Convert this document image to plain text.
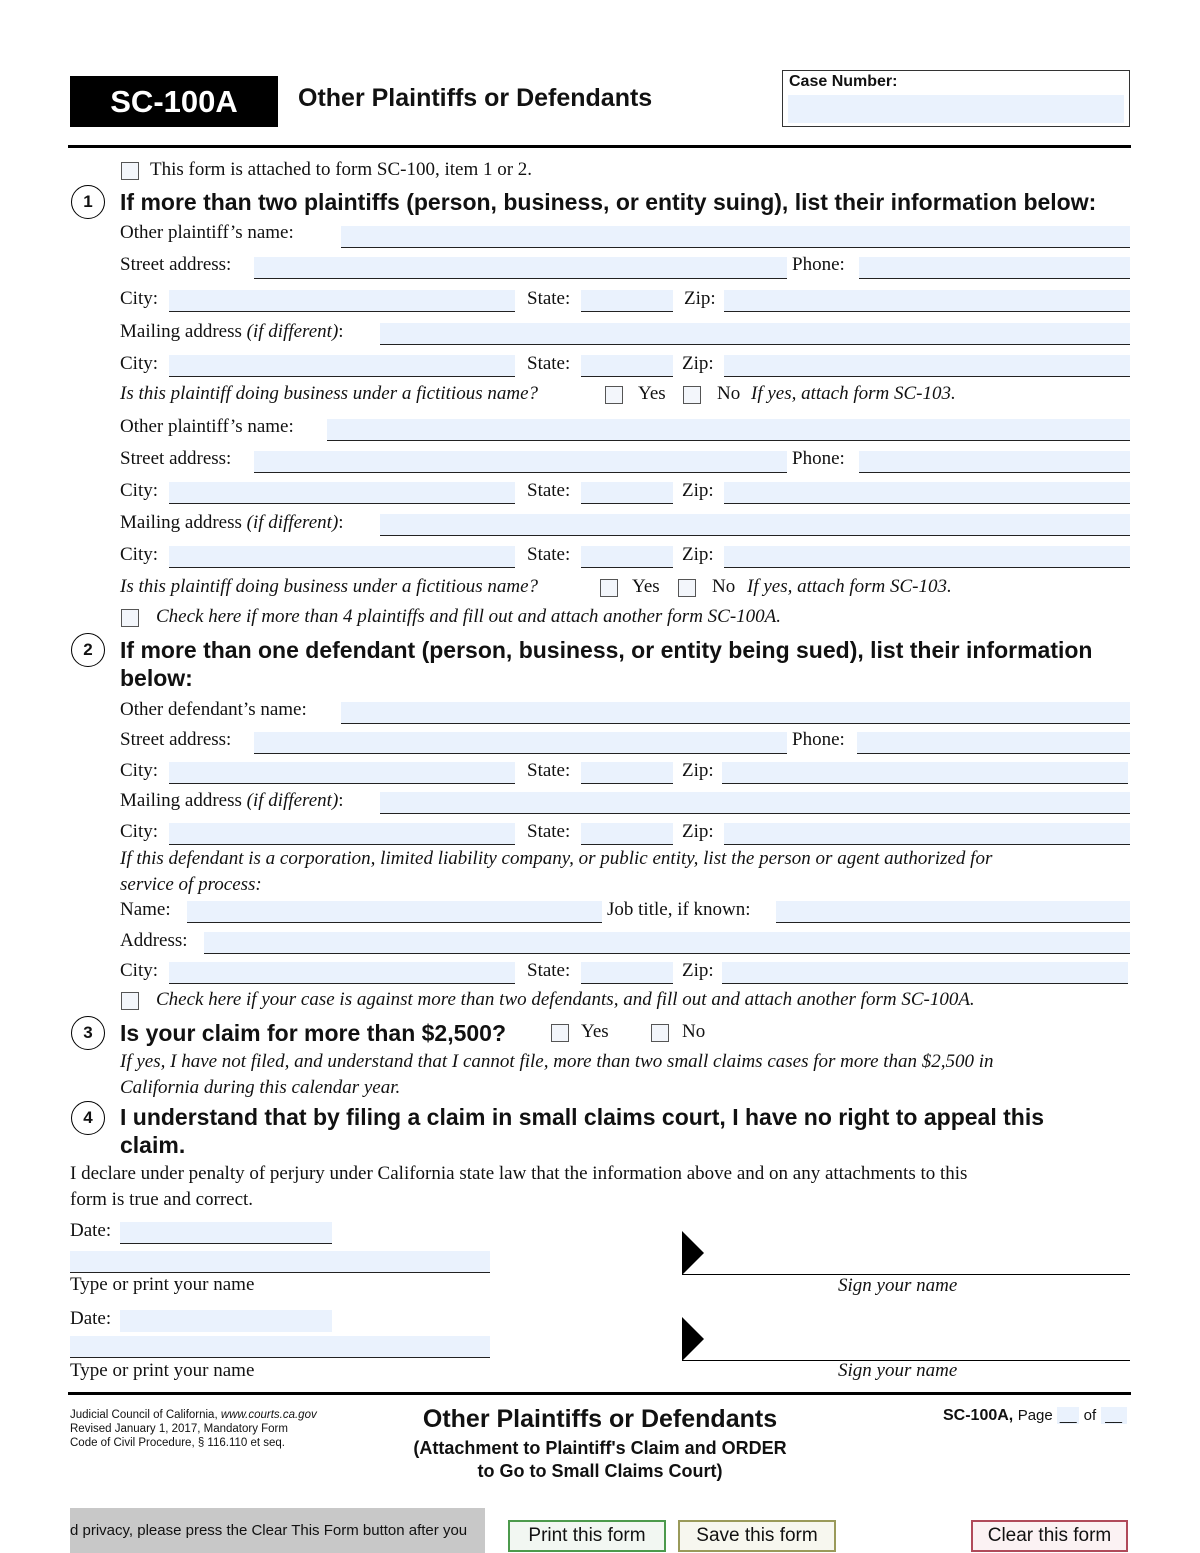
SC-100A	Other Plaintiffs or Defendants
Case Number:
This form is attached to form SC-100, item 1 or 2.
1	If more than two plaintiffs (person, business, or entity suing), list their information below:
Other plaintiff’s name:
Street address:	Phone:
City:	State:	Zip:
Mailing address (if different):
City:	State:	Zip:
Is this plaintiff doing business under a fictitious name?	Yes	No If yes, attach form SC-103.
Other plaintiff’s name:
Street address:	Phone:
City:	State:	Zip:
Mailing address (if different):
City:	State:	Zip:
Is this plaintiff doing business under a fictitious name?	Yes	No If yes, attach form SC-103.
Check here if more than 4 plaintiffs and fill out and attach another form SC-100A.
2	If more than one defendant (person, business, or entity being sued), list their information
below:
Other defendant’s name:
Street address:	Phone:
City:	State:	Zip:
Mailing address (if different):
City:	State:	Zip:
If this defendant is a corporation, limited liability company, or public entity, list the person or agent authorized for
service of process:
Name:	Job title, if known:
Address:
City:	State:	Zip:
Check here if your case is against more than two defendants, and fill out and attach another form SC-100A.
3	Is your claim for more than $2,500?	Yes	No
If yes, I have not filed, and understand that I cannot file, more than two small claims cases for more than $2,500 in
California during this calendar year.
4	I understand that by filing a claim in small claims court, I have no right to appeal this
claim.
I declare under penalty of perjury under California state law that the information above and on any attachments to this
form is true and correct.
Date:
Type or print your name	Sign your name
Date:
Type or print your name	Sign your name
Judicial Council of California, www.courts.ca.gov
Revised January 1, 2017, Mandatory Form
Code of Civil Procedure, § 116.110 et seq.
Other Plaintiffs or Defendants
(Attachment to Plaintiff's Claim and ORDER
to Go to Small Claims Court)
SC-100A, Page __ of __
d privacy, please press the Clear This Form button after you	Print this form	Save this form	Clear this form
